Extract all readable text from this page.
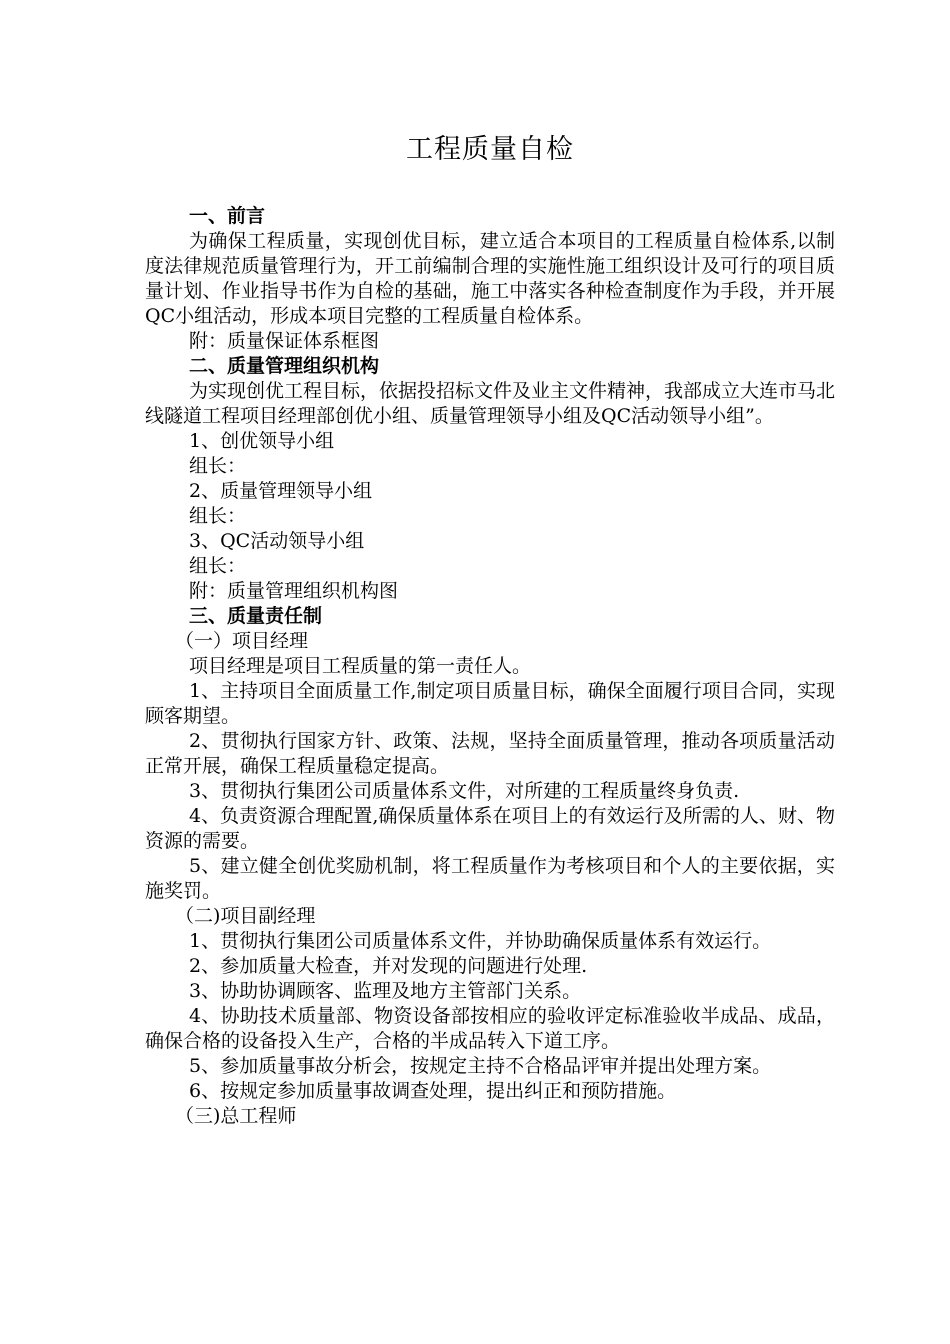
工程质量自检

一、前言

为确保工程质量，实现创优目标，建立适合本项目的工程质量自检体系,以制度法律规范质量管理行为，开工前编制合理的实施性施工组织设计及可行的项目质量计划、作业指导书作为自检的基础，施工中落实各种检查制度作为手段，并开展QC小组活动，形成本项目完整的工程质量自检体系。

附：质量保证体系框图

二、质量管理组织机构

为实现创优工程目标，依据投招标文件及业主文件精神，我部成立大连市马北线隧道工程项目经理部创优小组、质量管理领导小组及QC活动领导小组”。

1、创优领导小组

组长：

2、质量管理领导小组

组长：

3、QC活动领导小组

组长：

附：质量管理组织机构图

三、质量责任制

（一）项目经理

项目经理是项目工程质量的第一责任人。

1、主持项目全面质量工作,制定项目质量目标，确保全面履行项目合同，实现顾客期望。

2、贯彻执行国家方针、政策、法规，坚持全面质量管理，推动各项质量活动正常开展，确保工程质量稳定提高。

3、贯彻执行集团公司质量体系文件，对所建的工程质量终身负责.

4、负责资源合理配置,确保质量体系在项目上的有效运行及所需的人、财、物资源的需要。

5、建立健全创优奖励机制，将工程质量作为考核项目和个人的主要依据，实施奖罚。

（二)项目副经理

1、贯彻执行集团公司质量体系文件，并协助确保质量体系有效运行。

2、参加质量大检查，并对发现的问题进行处理.

3、协助协调顾客、监理及地方主管部门关系。

4、协助技术质量部、物资设备部按相应的验收评定标准验收半成品、成品，确保合格的设备投入生产，合格的半成品转入下道工序。

5、参加质量事故分析会，按规定主持不合格品评审并提出处理方案。

6、按规定参加质量事故调查处理，提出纠正和预防措施。

（三)总工程师
